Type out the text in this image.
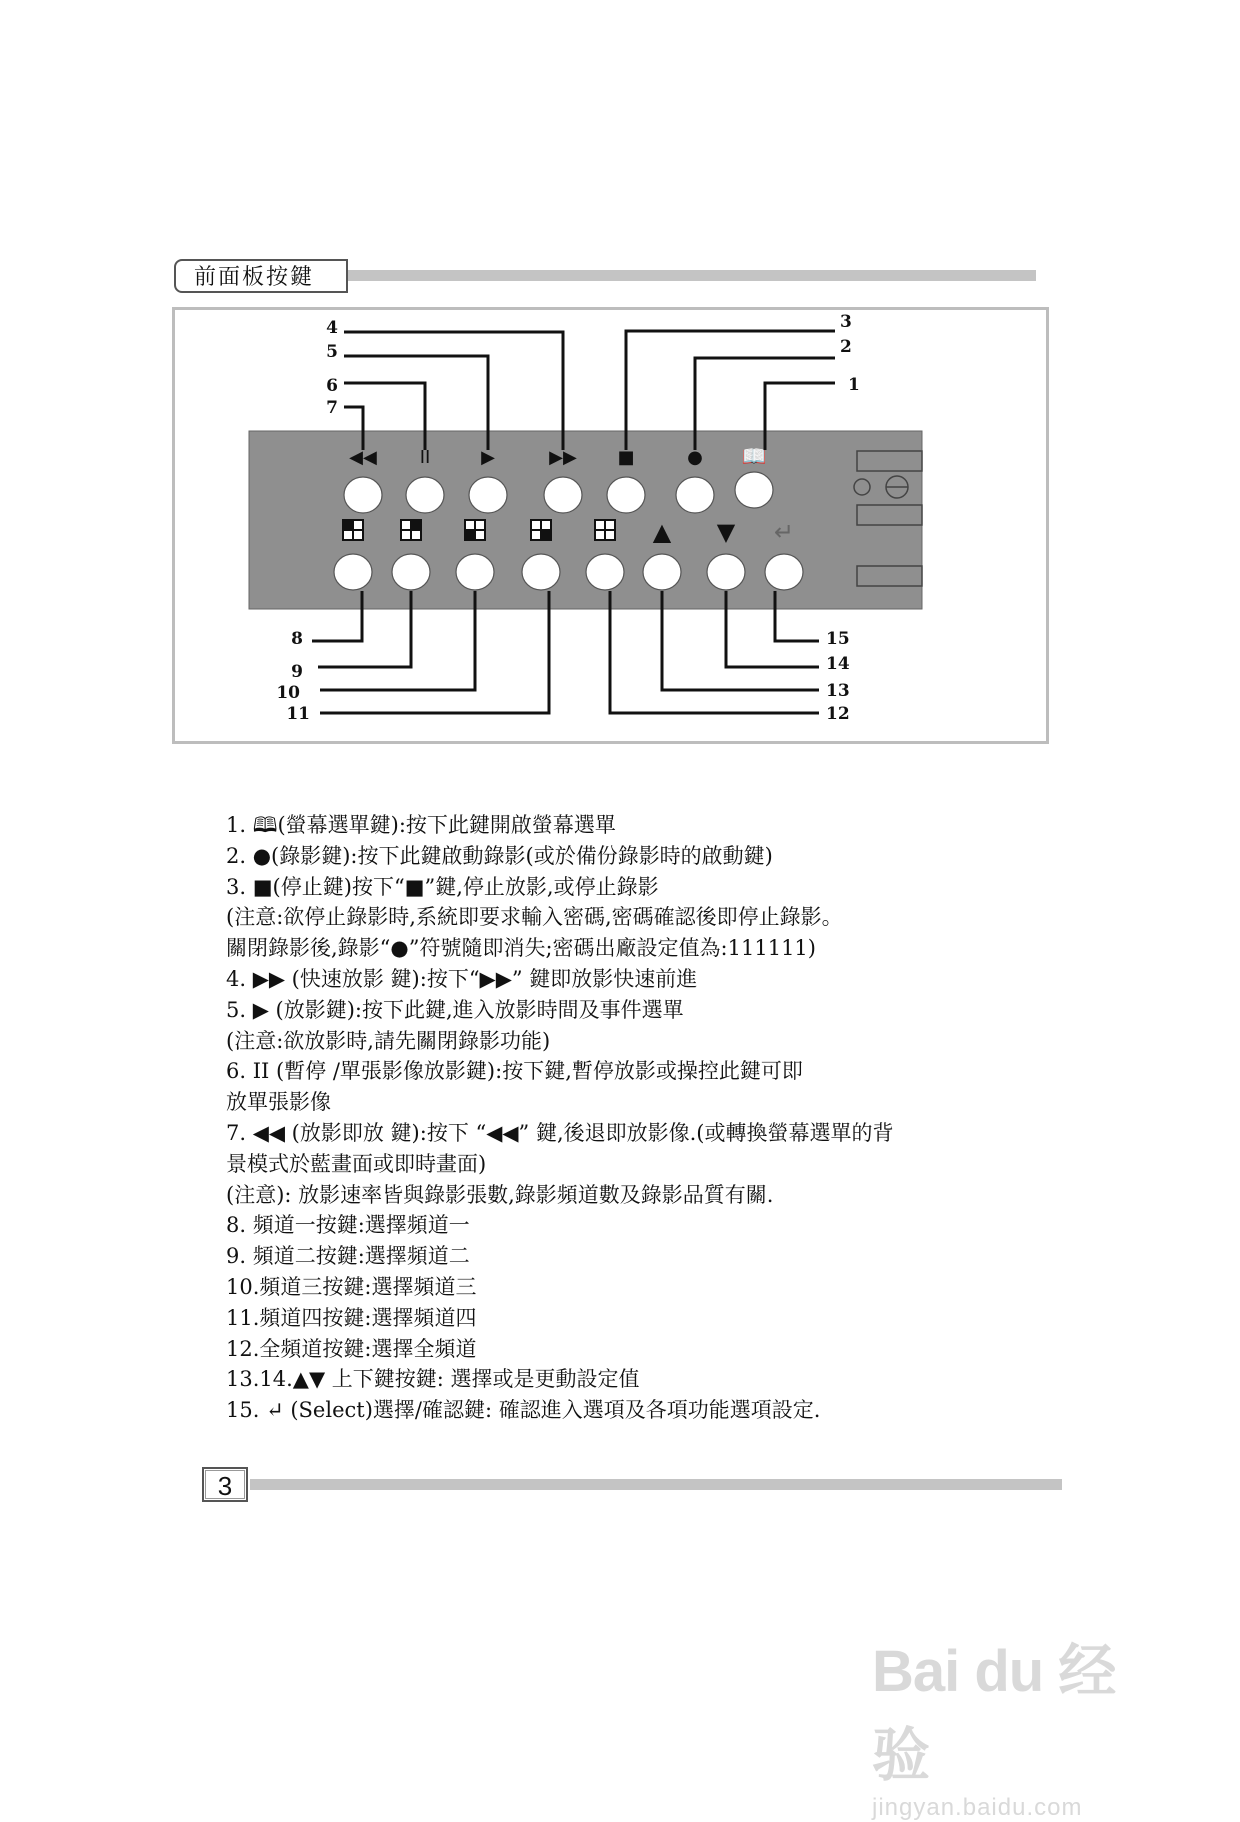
前面板按鍵
◀◀ II	▶	▶▶ ■	● 📖
▲ ▼ ↵
1
2
3
4
5
6
7
8
9
10
11	12
13
14
15
1. 🕮(螢幕選單鍵):按下此鍵開啟螢幕選單
2. ●(錄影鍵):按下此鍵啟動錄影(或於備份錄影時的啟動鍵)
3. ■(停止鍵)按下“■”鍵,停止放影,或停止錄影
(注意:欲停止錄影時,系統即要求輸入密碼,密碼確認後即停止錄影。
關閉錄影後,錄影“●”符號隨即消失;密碼出廠設定值為:111111)
4. ▶▶ (快速放影 鍵):按下“▶▶” 鍵即放影快速前進
5. ▶ (放影鍵):按下此鍵,進入放影時間及事件選單
(注意:欲放影時,請先關閉錄影功能)
6. II (暫停 /單張影像放影鍵):按下鍵,暫停放影或操控此鍵可即
放單張影像
7. ◀◀ (放影即放 鍵):按下 “◀◀” 鍵,後退即放影像.(或轉換螢幕選單的背
景模式於藍畫面或即時畫面)
(注意): 放影速率皆與錄影張數,錄影頻道數及錄影品質有關.
8. 頻道一按鍵:選擇頻道一
9. 頻道二按鍵:選擇頻道二
10.頻道三按鍵:選擇頻道三
11.頻道四按鍵:選擇頻道四
12.全頻道按鍵:選擇全頻道
13.14.▲▼ 上下鍵按鍵: 選擇或是更動設定值
15. ↵ (Select)選擇/確認鍵: 確認進入選項及各項功能選項設定.
3
Bai du 经验
jingyan.baidu.com
